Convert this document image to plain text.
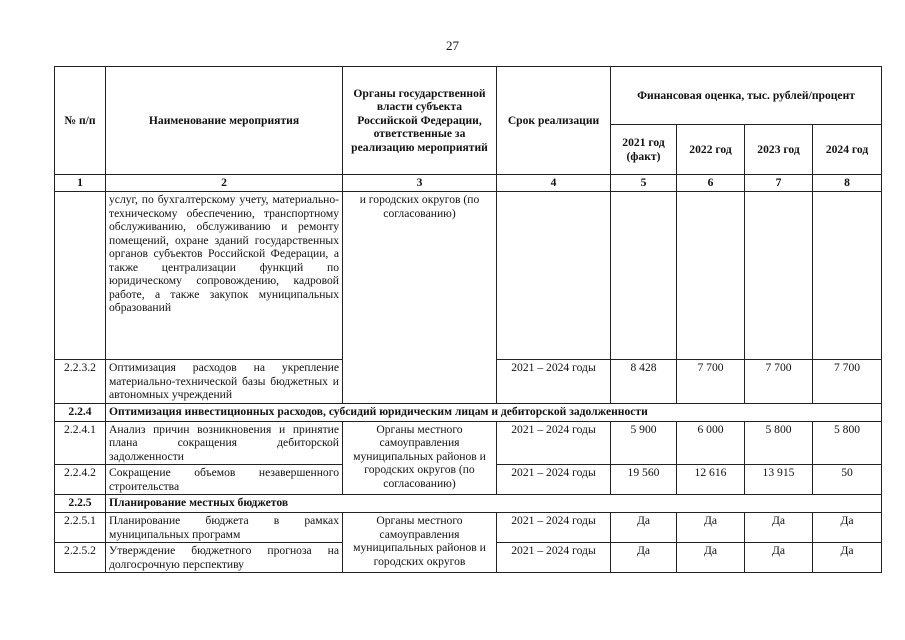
27
№ п/п	Наименование мероприятия	Органы государственной власти субъекта Российской Федерации, ответственные за реализацию мероприятий	Срок реализации	Финансовая оценка, тыс. рублей/процент			
				2021 год (факт)	2022 год	2023 год	2024 год
1	2	3	4	5	6	7	8
	услуг, по бухгалтерскому учету, материально-техническому обеспечению, транспортному обслуживанию, обслуживанию и ремонту помещений, охране зданий государственных органов субъектов Российской Федерации, а также централизации функций по юридическому сопровождению, кадровой работе, а также закупок муниципальных образований	и городских округов (по согласованию)					
2.2.3.2	Оптимизация расходов на укрепление материально-технической базы бюджетных и автономных учреждений		2021 – 2024 годы	8 428	7 700	7 700	7 700
2.2.4	Оптимизация инвестиционных расходов, субсидий юридическим лицам и дебиторской задолженности						
2.2.4.1	Анализ причин возникновения и принятие плана сокращения дебиторской задолженности	Органы местного самоуправления муниципальных районов и городских округов (по согласованию)	2021 – 2024 годы	5 900	6 000	5 800	5 800
2.2.4.2	Сокращение объемов незавершенного строительства		2021 – 2024 годы	19 560	12 616	13 915	50
2.2.5	Планирование местных бюджетов						
2.2.5.1	Планирование бюджета в рамках муниципальных программ	Органы местного самоуправления муниципальных районов и городских округов	2021 – 2024 годы	Да	Да	Да	Да
2.2.5.2	Утверждение бюджетного прогноза на долгосрочную перспективу		2021 – 2024 годы	Да	Да	Да	Да
